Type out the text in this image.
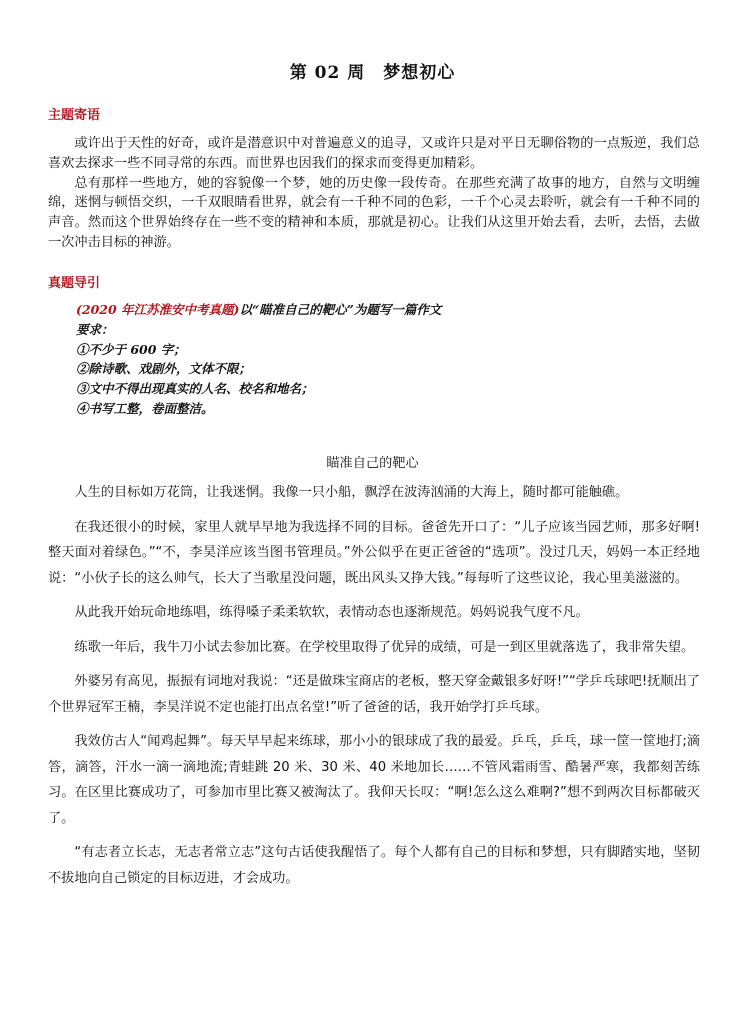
第 02 周　梦想初心
主题寄语

或许出于天性的好奇，或许是潜意识中对普遍意义的追寻，又或许只是对平日无聊俗物的一点叛逆，我们总喜欢去探求一些不同寻常的东西。而世界也因我们的探求而变得更加精彩。

总有那样一些地方，她的容貌像一个梦，她的历史像一段传奇。在那些充满了故事的地方，自然与文明缠绵，迷惘与顿悟交织，一千双眼睛看世界，就会有一千种不同的色彩，一千个心灵去聆听，就会有一千种不同的声音。然而这个世界始终存在一些不变的精神和本质，那就是初心。让我们从这里开始去看，去听，去悟，去做一次冲击目标的神游。

真题导引
(2020 年江苏淮安中考真题)以“瞄准自己的靶心”为题写一篇作文
要求：
①不少于 600 字；
②除诗歌、戏剧外，文体不限；
③文中不得出现真实的人名、校名和地名；
④书写工整，卷面整洁。
瞄准自己的靶心

人生的目标如万花筒，让我迷惘。我像一只小船，飘浮在波涛汹涌的大海上，随时都可能触礁。

在我还很小的时候，家里人就早早地为我选择不同的目标。爸爸先开口了：“儿子应该当园艺师，那多好啊!整天面对着绿色。”“不，李昊洋应该当图书管理员。”外公似乎在更正爸爸的“选项”。没过几天，妈妈一本正经地说：“小伙子长的这么帅气，长大了当歌星没问题，既出风头又挣大钱。”每每听了这些议论，我心里美滋滋的。

从此我开始玩命地练唱，练得嗓子柔柔软软，表情动态也逐渐规范。妈妈说我气度不凡。

练歌一年后，我牛刀小试去参加比赛。在学校里取得了优异的成绩，可是一到区里就落选了，我非常失望。

外婆另有高见，振振有词地对我说：“还是做珠宝商店的老板，整天穿金戴银多好呀!”“学乒乓球吧!抚顺出了个世界冠军王楠，李昊洋说不定也能打出点名堂!”听了爸爸的话，我开始学打乒乓球。

我效仿古人“闻鸡起舞”。每天早早起来练球，那小小的银球成了我的最爱。乒乓，乒乓，球一筐一筐地打;滴答，滴答，汗水一滴一滴地流;青蛙跳 20 米、30 米、40 米地加长……不管风霜雨雪、酷暑严寒，我都刻苦练习。在区里比赛成功了，可参加市里比赛又被淘汰了。我仰天长叹：“啊!怎么这么难啊?”想不到两次目标都破灭了。

“有志者立长志，无志者常立志”这句古话使我醒悟了。每个人都有自己的目标和梦想，只有脚踏实地，坚韧不拔地向自己锁定的目标迈进，才会成功。
